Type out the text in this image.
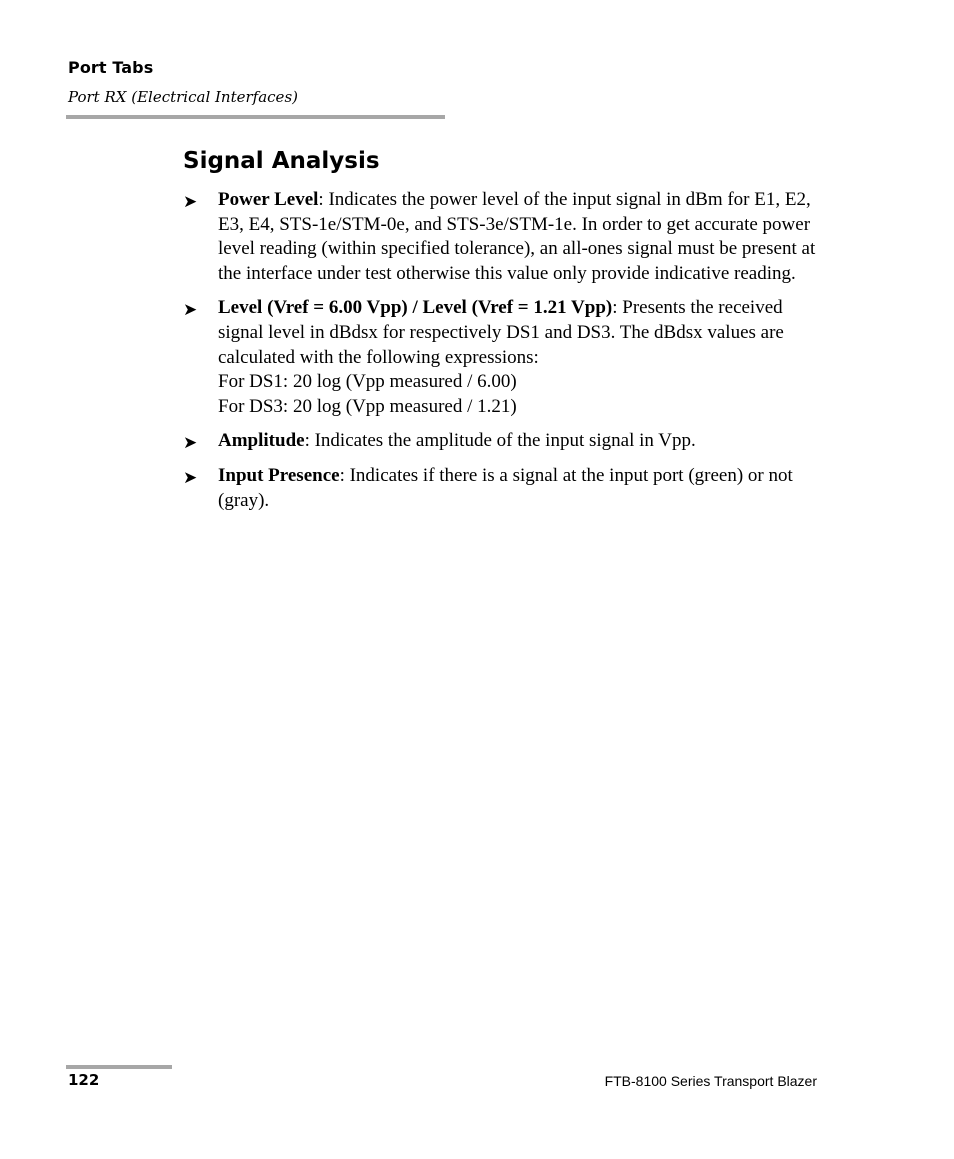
Port Tabs
Port RX (Electrical Interfaces)
Signal Analysis
➤ Power Level: Indicates the power level of the input signal in dBm for E1, E2, E3, E4, STS-1e/STM-0e, and STS-3e/STM-1e. In order to get accurate power level reading (within specified tolerance), an all-ones signal must be present at the interface under test otherwise this value only provide indicative reading.
➤ Level (Vref = 6.00 Vpp) / Level (Vref = 1.21 Vpp): Presents the received signal level in dBdsx for respectively DS1 and DS3. The dBdsx values are calculated with the following expressions:
For DS1: 20 log (Vpp measured / 6.00)
For DS3: 20 log (Vpp measured / 1.21)
➤ Amplitude: Indicates the amplitude of the input signal in Vpp.
➤ Input Presence: Indicates if there is a signal at the input port (green) or not (gray).
122	FTB-8100 Series Transport Blazer
